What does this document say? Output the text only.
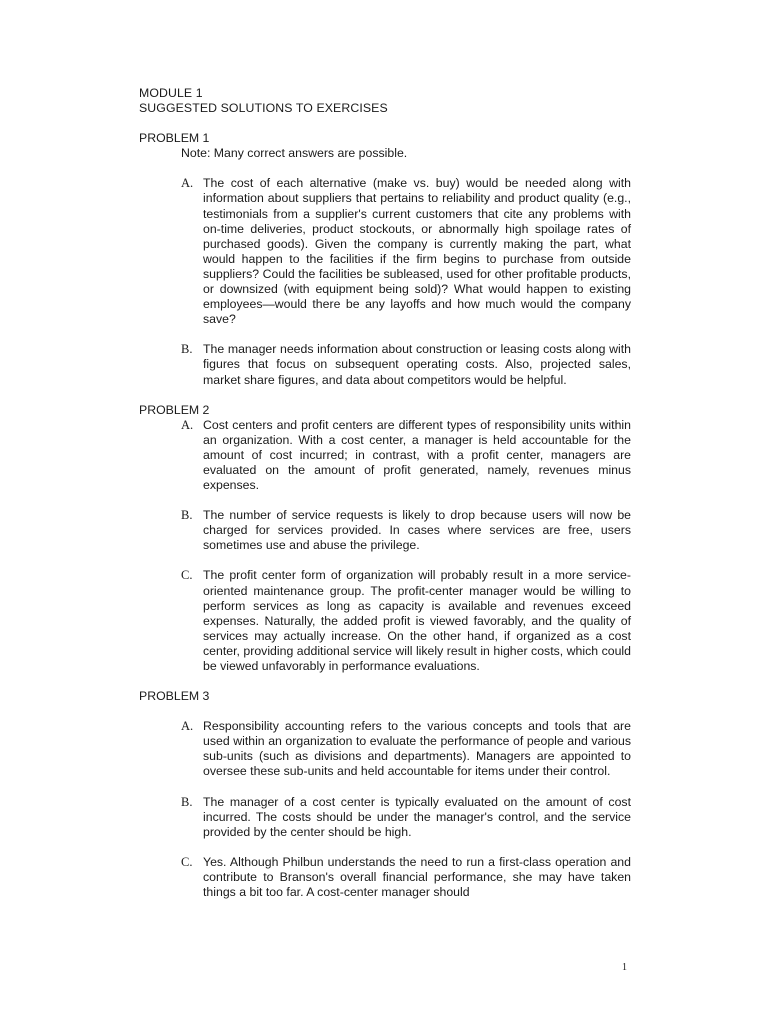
MODULE 1
SUGGESTED SOLUTIONS TO EXERCISES
PROBLEM 1
Note: Many correct answers are possible.
A. The cost of each alternative (make vs. buy) would be needed along with information about suppliers that pertains to reliability and product quality (e.g., testimonials from a supplier's current customers that cite any problems with on-time deliveries, product stockouts, or abnormally high spoilage rates of purchased goods). Given the company is currently making the part, what would happen to the facilities if the firm begins to purchase from outside suppliers? Could the facilities be subleased, used for other profitable products, or downsized (with equipment being sold)? What would happen to existing employees—would there be any layoffs and how much would the company save?
B. The manager needs information about construction or leasing costs along with figures that focus on subsequent operating costs. Also, projected sales, market share figures, and data about competitors would be helpful.
PROBLEM 2
A. Cost centers and profit centers are different types of responsibility units within an organization. With a cost center, a manager is held accountable for the amount of cost incurred; in contrast, with a profit center, managers are evaluated on the amount of profit generated, namely, revenues minus expenses.
B. The number of service requests is likely to drop because users will now be charged for services provided. In cases where services are free, users sometimes use and abuse the privilege.
C. The profit center form of organization will probably result in a more service-oriented maintenance group. The profit-center manager would be willing to perform services as long as capacity is available and revenues exceed expenses. Naturally, the added profit is viewed favorably, and the quality of services may actually increase. On the other hand, if organized as a cost center, providing additional service will likely result in higher costs, which could be viewed unfavorably in performance evaluations.
PROBLEM 3
A. Responsibility accounting refers to the various concepts and tools that are used within an organization to evaluate the performance of people and various sub-units (such as divisions and departments). Managers are appointed to oversee these sub-units and held accountable for items under their control.
B. The manager of a cost center is typically evaluated on the amount of cost incurred. The costs should be under the manager's control, and the service provided by the center should be high.
C. Yes. Although Philbun understands the need to run a first-class operation and contribute to Branson's overall financial performance, she may have taken things a bit too far. A cost-center manager should
1
